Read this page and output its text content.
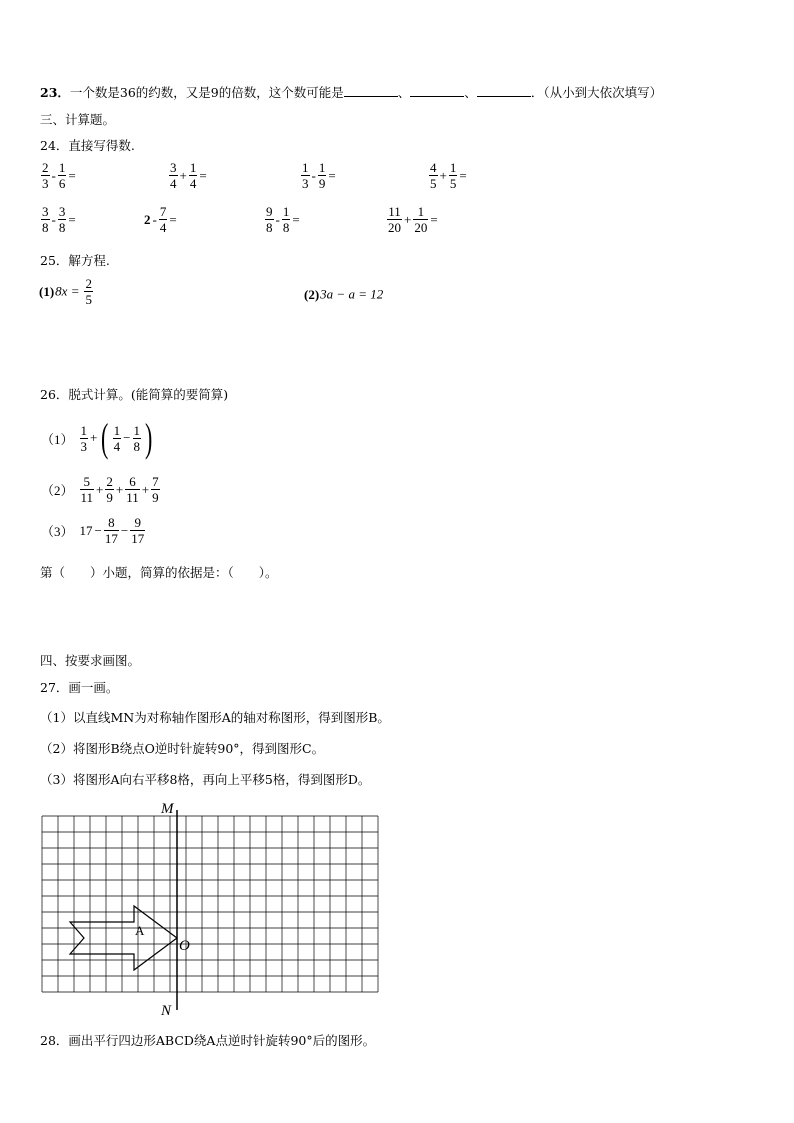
23．一个数是36的约数，又是9的倍数，这个数可能是	、	、	．（从小到大依次填写）
三、计算题。
24．直接写得数.
$\frac{2}{3} - \frac{1}{6}$ =	$\frac{3}{4} + \frac{1}{4}$ =	$\frac{1}{3} - \frac{1}{9}$ =	$\frac{4}{5} + \frac{1}{5}$ =
$\frac{3}{8} - \frac{3}{8}$ =	$2 - \frac{7}{4}$ =	$\frac{9}{8} - \frac{1}{8}$ =	$\frac{11}{20} + \frac{1}{20}$ =
25．解方程.
$(1)8x = \frac{2}{5}$	(2)3a − a = 12
26．脱式计算。(能简算的要简算)
$(1) \frac{1}{3}$ +( $\frac{1}{4} - \frac{1}{8}$ )
$(2) \frac{5}{11} + \frac{2}{9} + \frac{6}{11} + \frac{7}{9}$
（3） $17 - \frac{8}{17} - \frac{9}{17}$
第（　　）小题，简算的依据是：（　　）。
四、按要求画图。
27．画一画。
（1）以直线MN为对称轴作图形A的轴对称图形，得到图形B。
（2）将图形B绕点O逆时针旋转90°，得到图形C。
（3）将图形A向右平移8格，再向上平移5格，得到图形D。
M
N
O
A
28．画出平行四边形ABCD绕A点逆时针旋转90°后的图形。
